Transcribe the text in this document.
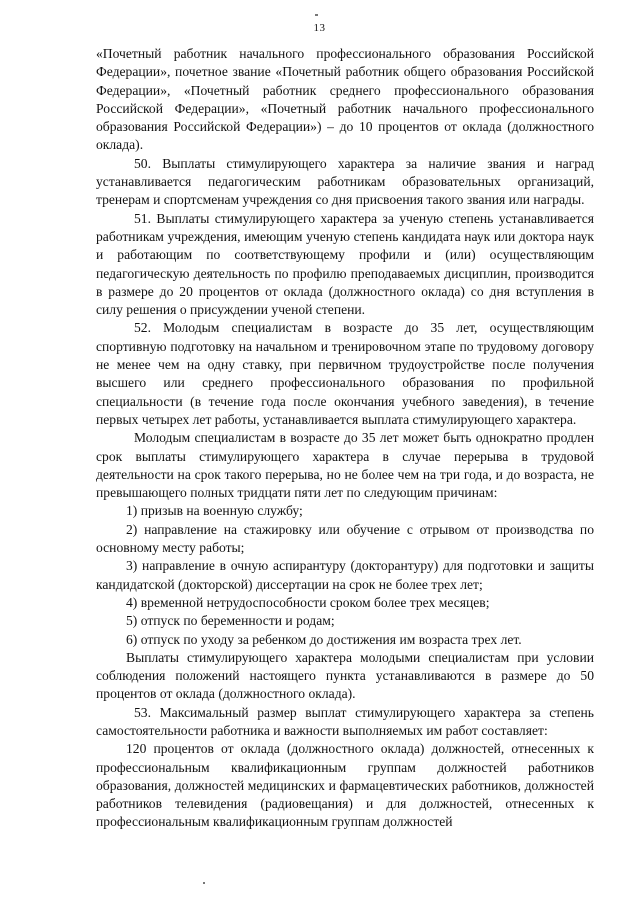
13

«Почетный работник начального профессионального образования Российской Федерации», почетное звание «Почетный работник общего образования Российской Федерации», «Почетный работник среднего профессионального образования Российской Федерации», «Почетный работник начального профессионального образования Российской Федерации») – до 10 процентов от оклада (должностного оклада).

50. Выплаты стимулирующего характера за наличие звания и наград устанавливается педагогическим работникам образовательных организаций, тренерам и спортсменам учреждения со дня присвоения такого звания или награды.

51. Выплаты стимулирующего характера за ученую степень устанавливается работникам учреждения, имеющим ученую степень кандидата наук или доктора наук и работающим по соответствующему профили и (или) осуществляющим педагогическую деятельность по профилю преподаваемых дисциплин, производится в размере до 20 процентов от оклада (должностного оклада) со дня вступления в силу решения о присуждении ученой степени.

52. Молодым специалистам в возрасте до 35 лет, осуществляющим спортивную подготовку на начальном и тренировочном этапе по трудовому договору не менее чем на одну ставку, при первичном трудоустройстве после получения высшего или среднего профессионального образования по профильной специальности (в течение года после окончания учебного заведения), в течение первых четырех лет работы, устанавливается выплата стимулирующего характера.

Молодым специалистам в возрасте до 35 лет может быть однократно продлен срок выплаты стимулирующего характера в случае перерыва в трудовой деятельности на срок такого перерыва, но не более чем на три года, и до возраста, не превышающего полных тридцати пяти лет по следующим причинам:

1) призыв на военную службу;

2) направление на стажировку или обучение с отрывом от производства по основному месту работы;

3) направление в очную аспирантуру (докторантуру) для подготовки и защиты кандидатской (докторской) диссертации на срок не более трех лет;

4) временной нетрудоспособности сроком более трех месяцев;

5) отпуск по беременности и родам;

6) отпуск по уходу за ребенком до достижения им возраста трех лет.

Выплаты стимулирующего характера молодыми специалистам при условии соблюдения положений настоящего пункта устанавливаются в размере до 50 процентов от оклада (должностного оклада).

53. Максимальный размер выплат стимулирующего характера за степень самостоятельности работника и важности выполняемых им работ составляет:

120 процентов от оклада (должностного оклада) должностей, отнесенных к профессиональным квалификационным группам должностей работников образования, должностей медицинских и фармацевтических работников, должностей работников телевидения (радиовещания) и для должностей, отнесенных к профессиональным квалификационным группам должностей
